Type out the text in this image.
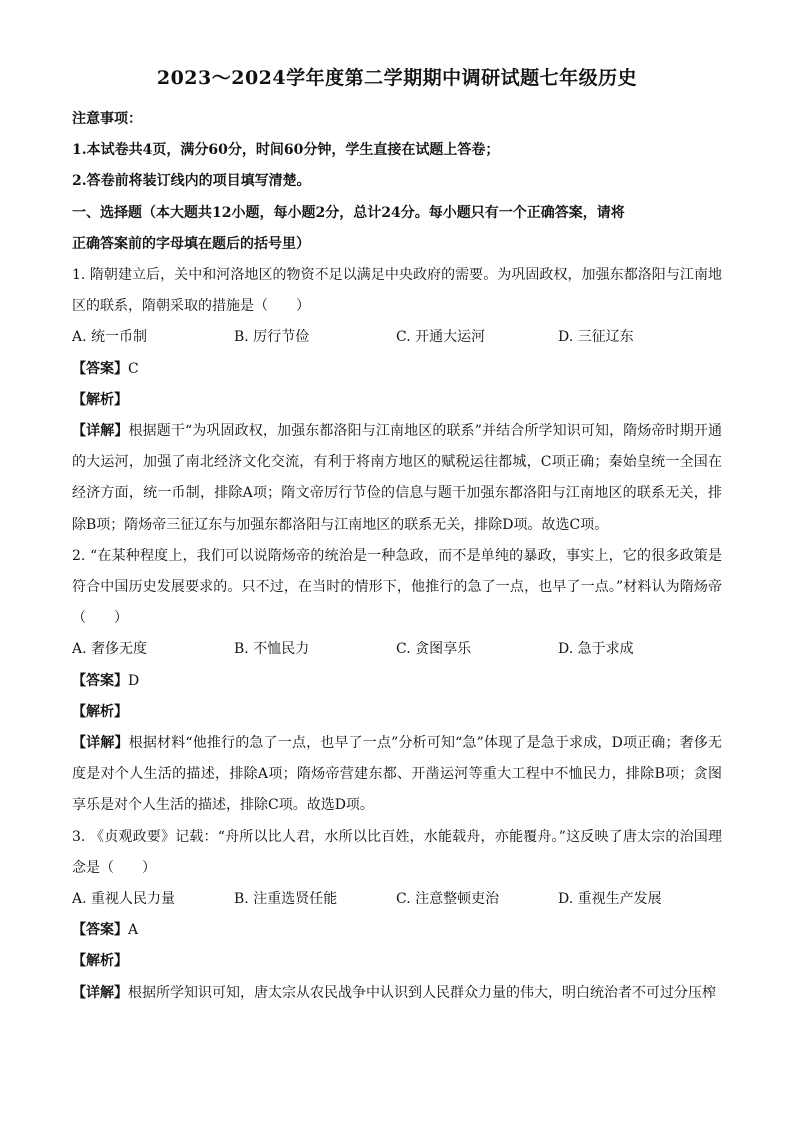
2023～2024学年度第二学期期中调研试题七年级历史

注意事项：

1.本试卷共4页，满分60分，时间60分钟，学生直接在试题上答卷；

2.答卷前将装订线内的项目填写清楚。

一、选择题（本大题共12小题，每小题2分，总计24分。每小题只有一个正确答案，请将

正确答案前的字母填在题后的括号里）

1. 隋朝建立后，关中和河洛地区的物资不足以满足中央政府的需要。为巩固政权，加强东都洛阳与江南地区的联系，隋朝采取的措施是（　　）

A. 统一币制	B. 厉行节俭	C. 开通大运河	D. 三征辽东

【答案】C

【解析】

【详解】根据题干“为巩固政权，加强东都洛阳与江南地区的联系”并结合所学知识可知，隋炀帝时期开通的大运河，加强了南北经济文化交流，有利于将南方地区的赋税运往都城，C项正确；秦始皇统一全国在经济方面，统一币制，排除A项；隋文帝厉行节俭的信息与题干加强东都洛阳与江南地区的联系无关，排除B项；隋炀帝三征辽东与加强东都洛阳与江南地区的联系无关，排除D项。故选C项。

2. “在某种程度上，我们可以说隋炀帝的统治是一种急政，而不是单纯的暴政，事实上，它的很多政策是符合中国历史发展要求的。只不过，在当时的情形下，他推行的急了一点，也早了一点。”材料认为隋炀帝（　　）

A. 奢侈无度	B. 不恤民力	C. 贪图享乐	D. 急于求成

【答案】D

【解析】

【详解】根据材料“他推行的急了一点，也早了一点”分析可知“急”体现了是急于求成，D项正确；奢侈无度是对个人生活的描述，排除A项；隋炀帝营建东都、开凿运河等重大工程中不恤民力，排除B项；贪图享乐是对个人生活的描述，排除C项。故选D项。

3. 《贞观政要》记载：“舟所以比人君，水所以比百姓，水能载舟，亦能覆舟。”这反映了唐太宗的治国理念是（　　）

A. 重视人民力量	B. 注重选贤任能	C. 注意整顿吏治	D. 重视生产发展

【答案】A

【解析】

【详解】根据所学知识可知，唐太宗从农民战争中认识到人民群众力量的伟大，明白统治者不可过分压榨
